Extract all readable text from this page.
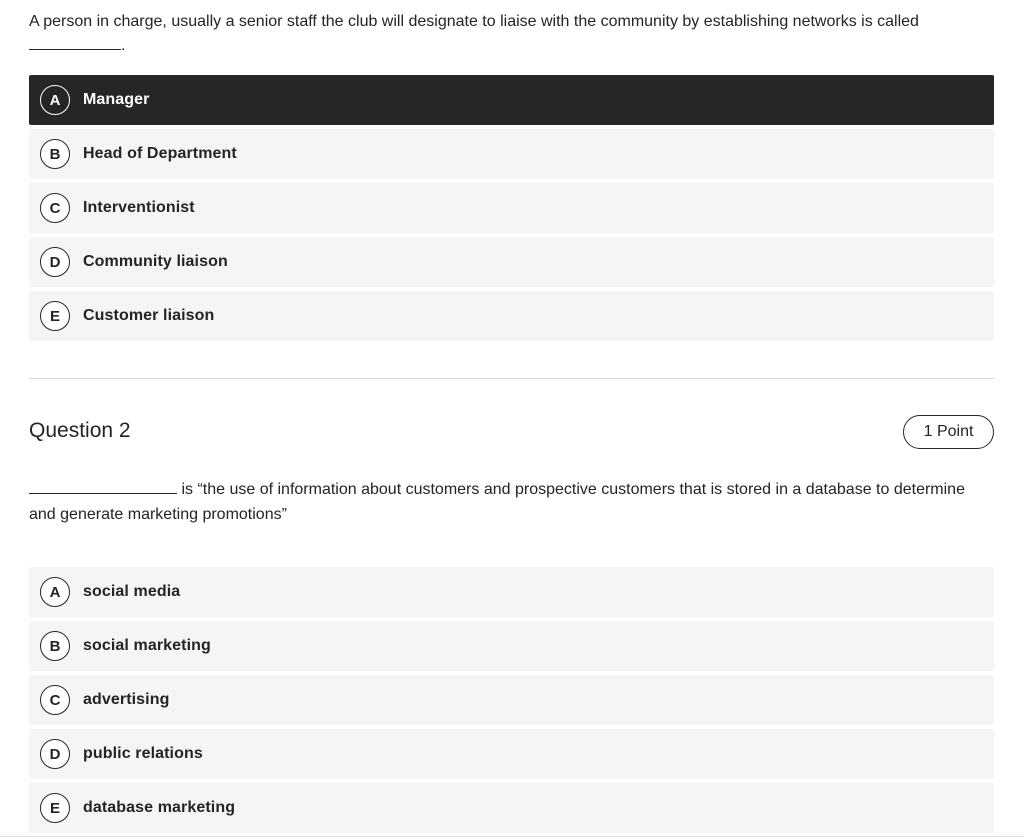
A person in charge, usually a senior staff the club will designate to liaise with the community by establishing networks is called
.
A	Manager
B	Head of Department
C	Interventionist
D	Community liaison
E	Customer liaison
Question 2	1 Point
is “the use of information about customers and prospective customers that is stored in a database to determine and generate marketing promotions”
A	social media
B	social marketing
C	advertising
D	public relations
E	database marketing
